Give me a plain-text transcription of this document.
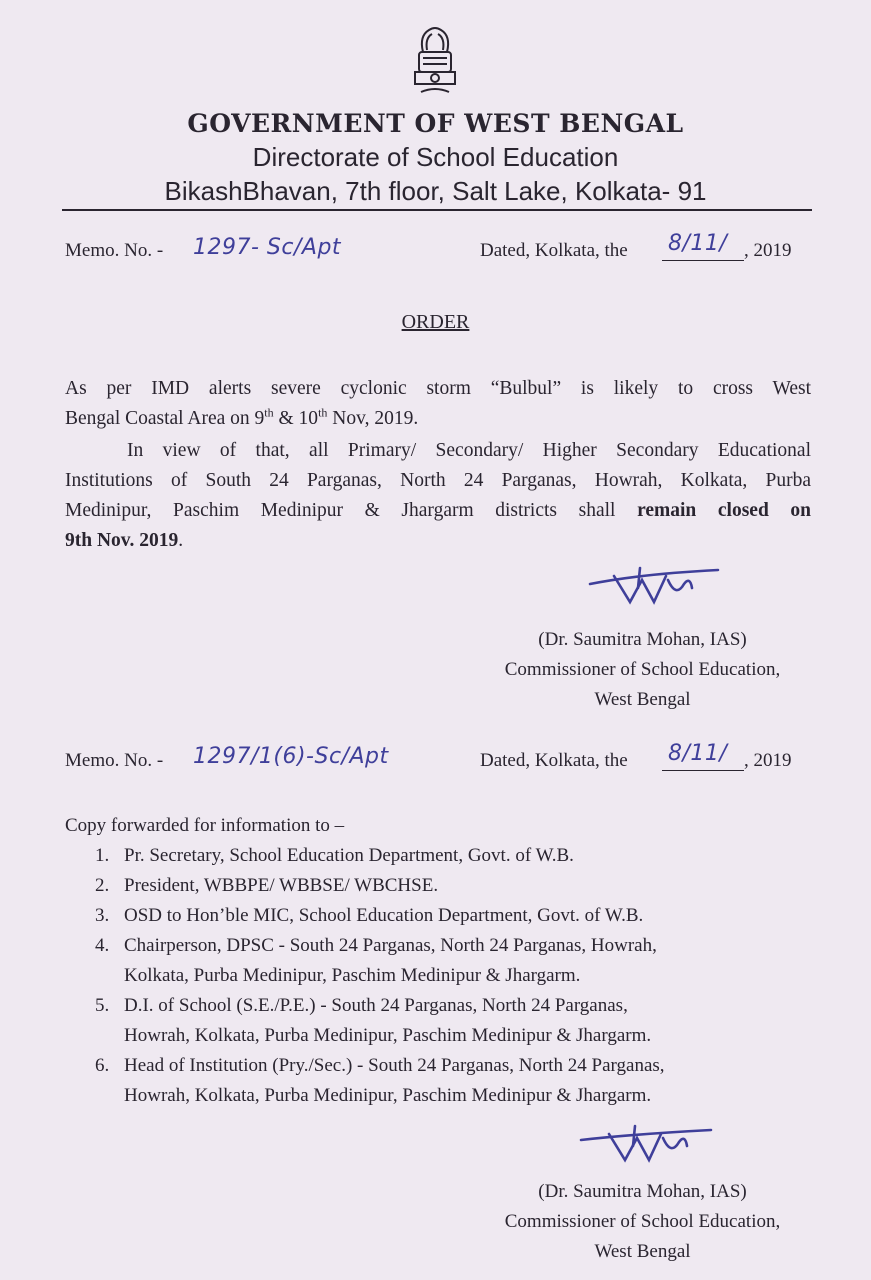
GOVERNMENT OF WEST BENGAL
Directorate of School Education
BikashBhavan, 7th floor, Salt Lake, Kolkata- 91
Memo. No. - 1297- Sc/Apt	Dated, Kolkata, the 8/11/ , 2019
ORDER
As per IMD alerts severe cyclonic storm “Bulbul” is likely to cross West
Bengal Coastal Area on 9th & 10th Nov, 2019.
In view of that, all Primary/ Secondary/ Higher Secondary Educational
Institutions of South 24 Parganas, North 24 Parganas, Howrah, Kolkata, Purba
Medinipur, Paschim Medinipur & Jhargarm districts shall remain closed on
9th Nov. 2019.
(Dr. Saumitra Mohan, IAS)
Commissioner of School Education,
West Bengal
Memo. No. - 1297/1(6)-Sc/Apt	Dated, Kolkata, the 8/11/ , 2019
Copy forwarded for information to –
1. Pr. Secretary, School Education Department, Govt. of W.B.
2. President, WBBPE/ WBBSE/ WBCHSE.
3. OSD to Hon’ble MIC, School Education Department, Govt. of W.B.
4. Chairperson, DPSC - South 24 Parganas, North 24 Parganas, Howrah,
Kolkata, Purba Medinipur, Paschim Medinipur & Jhargarm.
5. D.I. of School (S.E./P.E.) - South 24 Parganas, North 24 Parganas,
Howrah, Kolkata, Purba Medinipur, Paschim Medinipur & Jhargarm.
6. Head of Institution (Pry./Sec.) - South 24 Parganas, North 24 Parganas,
Howrah, Kolkata, Purba Medinipur, Paschim Medinipur & Jhargarm.
(Dr. Saumitra Mohan, IAS)
Commissioner of School Education,
West Bengal
